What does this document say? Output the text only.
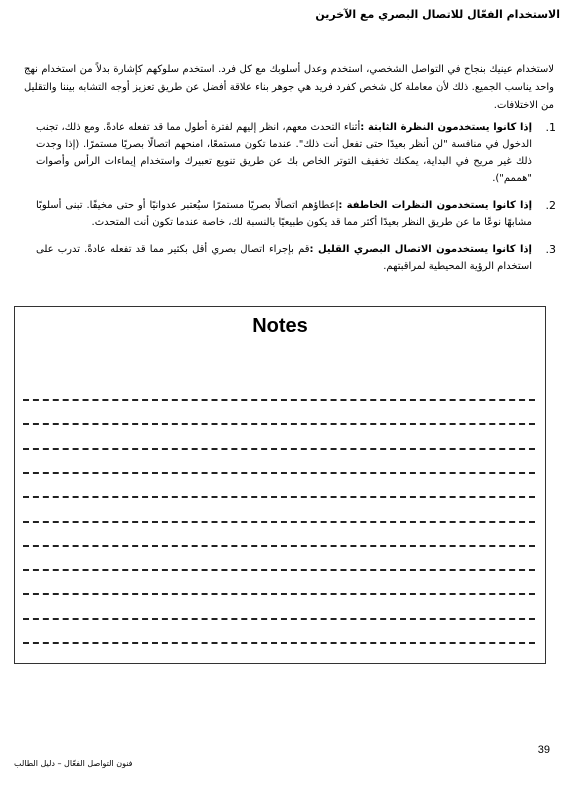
الاستخدام الفعّال للاتصال البصري مع الآخرين

لاستخدام عينيك بنجاح في التواصل الشخصي، استخدم وعدل أسلوبك مع كل فرد. استخدم سلوكهم كإشارة بدلاً من استخدام نهج واحد يناسب الجميع. ذلك لأن معاملة كل شخص كفرد فريد هي جوهر بناء علاقة أفضل عن طريق تعزيز أوجه التشابه بيننا والتقليل من الاختلافات.

1.
إذا كانوا يستخدمون النظرة الثابتة :أثناء التحدث معهم، انظر إليهم لفترة أطول مما قد تفعله عادةً. ومع ذلك، تجنب الدخول في منافسة "لن أنظر بعيدًا حتى تفعل أنت ذلك". عندما تكون مستمعًا، امنحهم اتصالًا بصريًا مستمرًا. (إذا وجدت ذلك غير مريح في البداية، يمكنك تخفيف التوتر الخاص بك عن طريق تنويع تعبيرك واستخدام إيماءات الرأس وأصوات "هممم").
2.
إذا كانوا يستخدمون النظرات الخاطفة :إعطاؤهم اتصالًا بصريًا مستمرًا سيُعتبر عدوانيًا أو حتى مخيفًا. تبنى أسلوبًا مشابهًا نوعًا ما عن طريق النظر بعيدًا أكثر مما قد يكون طبيعيًا بالنسبة لك، خاصة عندما تكون أنت المتحدث.
3.
إذا كانوا يستخدمون الاتصال البصري القليل :قم بإجراء اتصال بصري أقل بكثير مما قد تفعله عادةً. تدرب على استخدام الرؤية المحيطية لمراقبتهم.
Notes
39
فنون التواصل الفعّال – دليل الطالب
